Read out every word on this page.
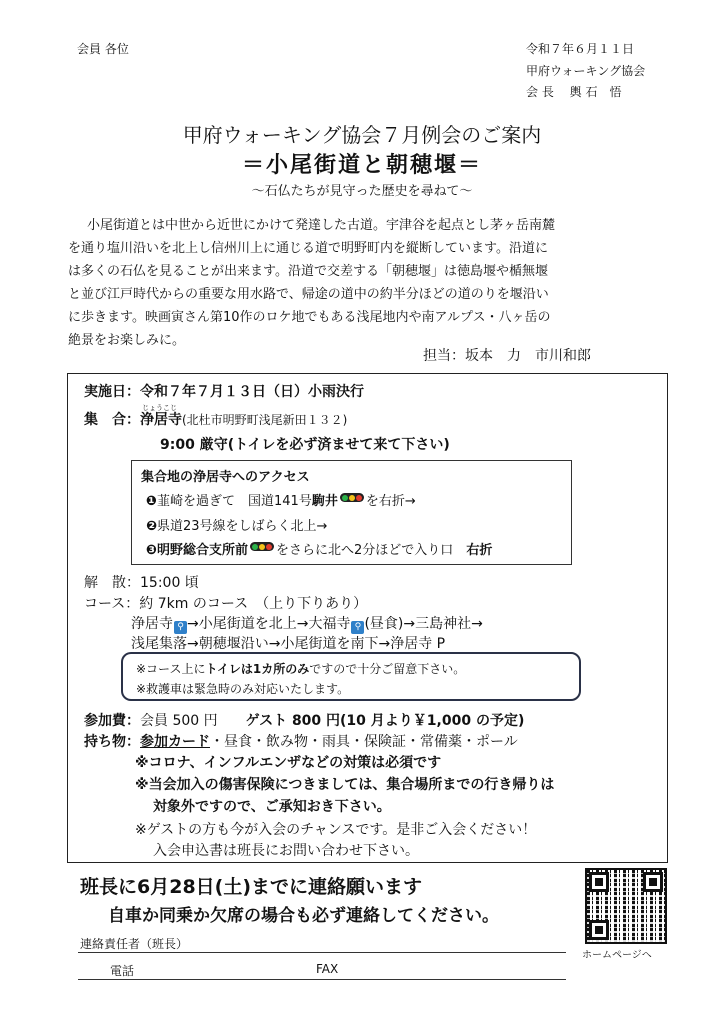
会員 各位	令和７年６月１１日
甲府ウォーキング協会
会 長　 輿 石　悟
甲府ウォーキング協会７月例会のご案内
＝小尾街道と朝穂堰＝
～石仏たちが見守った歴史を尋ねて～
小尾街道とは中世から近世にかけて発達した古道。宇津谷を起点とし茅ヶ岳南麓
を通り塩川沿いを北上し信州川上に通じる道で明野町内を縦断しています。沿道に
は多くの石仏を見ることが出来ます。沿道で交差する「朝穂堰」は徳島堰や楯無堰
と並び江戸時代からの重要な用水路で、帰途の道中の約半分ほどの道のりを堰沿い
に歩きます。映画寅さん第10作のロケ地でもある浅尾地内や南アルプス・八ヶ岳の
絶景をお楽しみに。
担当：坂本　力　市川和郎
実施日：令和７年７月１３日（日）小雨決行
集　合：
じょうこじ
浄居寺(北杜市明野町浅尾新田１３２)
9:00 厳守(トイレを必ず済ませて来て下さい)
集合地の浄居寺へのアクセス
❶韮崎を過ぎて　国道141号駒井 を右折→
❷県道23号線をしばらく北上→
❸明野総合支所前 をさらに北へ2分ほどで入り口　 右折
解　散：15:00 頃
コース：約 7km のコース　（上り下りあり）
浄居寺 ⚲ →小尾街道を北上→大福寺 ⚲ (昼食)→三島神社→
浅尾集落→朝穂堰沿い→小尾街道を南下→浄居寺 P
※コース上にトイレは1カ所のみですので十分ご留意下さい。
※救護車は緊急時のみ対応いたします。
参加費：会員 500 円　　 ゲスト 800 円(10 月より￥1,000 の予定)
持ち物：参加カード・昼食・飲み物・雨具・保険証・常備薬・ポール
※コロナ、インフルエンザなどの対策は必須です
※当会加入の傷害保険につきましては、集合場所までの行き帰りは
対象外ですので、ご承知おき下さい。
※ゲストの方も今が入会のチャンスです。是非ご入会ください！
入会申込書は班長にお問い合わせ下さい。
班長に6月28日(土)までに連絡願います
自車か同乗か欠席の場合も必ず連絡してください。
連絡責任者（班長）
電話	FAX
ホームページへ
